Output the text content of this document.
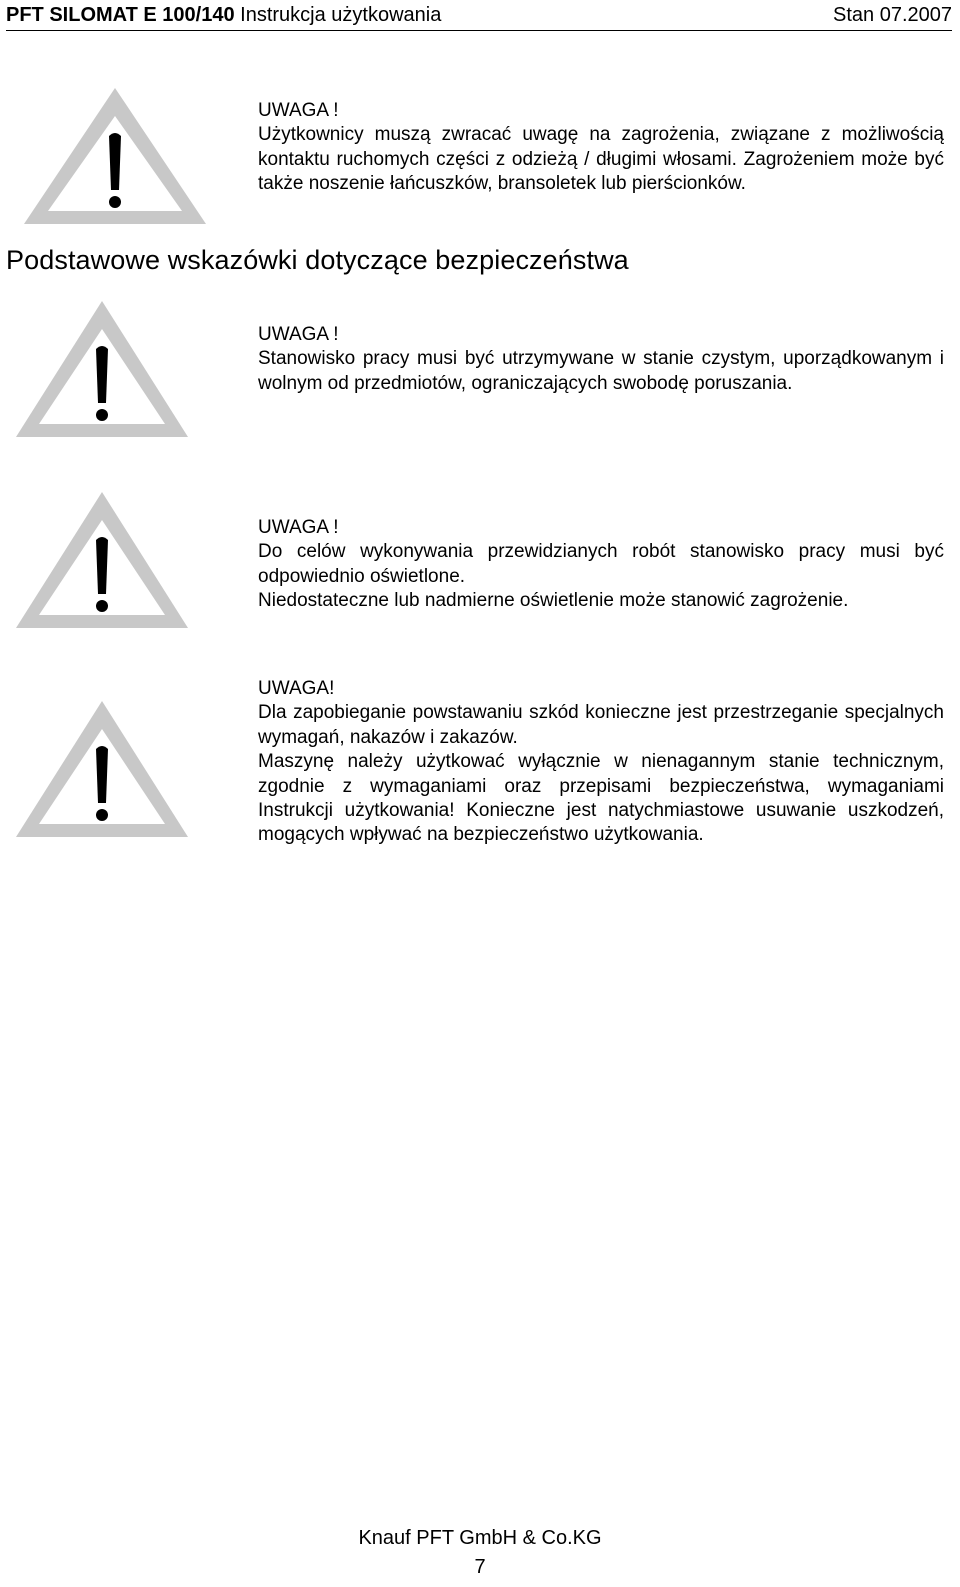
PFT SILOMAT E 100/140 Instrukcja użytkowania	Stan 07.2007
UWAGA !

Użytkownicy muszą zwracać uwagę na zagrożenia, związane z możliwością kontaktu ruchomych części z odzieżą / długimi włosami. Zagrożeniem może być także noszenie łańcuszków, bransoletek lub pierścionków.

Podstawowe wskazówki dotyczące bezpieczeństwa
UWAGA !

Stanowisko pracy musi być utrzymywane w stanie czystym, uporządkowanym i wolnym od przedmiotów, ograniczających swobodę poruszania.

UWAGA !

Do celów wykonywania przewidzianych robót stanowisko pracy musi być odpowiednio oświetlone.

Niedostateczne lub nadmierne oświetlenie może stanowić zagrożenie.

UWAGA!

Dla zapobieganie powstawaniu szkód konieczne jest przestrzeganie specjalnych wymagań, nakazów i zakazów.

Maszynę należy użytkować wyłącznie w nienagannym stanie technicznym, zgodnie z wymaganiami oraz przepisami bezpieczeństwa, wymaganiami Instrukcji użytkowania! Konieczne jest natychmiastowe usuwanie uszkodzeń, mogących wpływać na bezpieczeństwo użytkowania.

Knauf PFT GmbH & Co.KG
7
